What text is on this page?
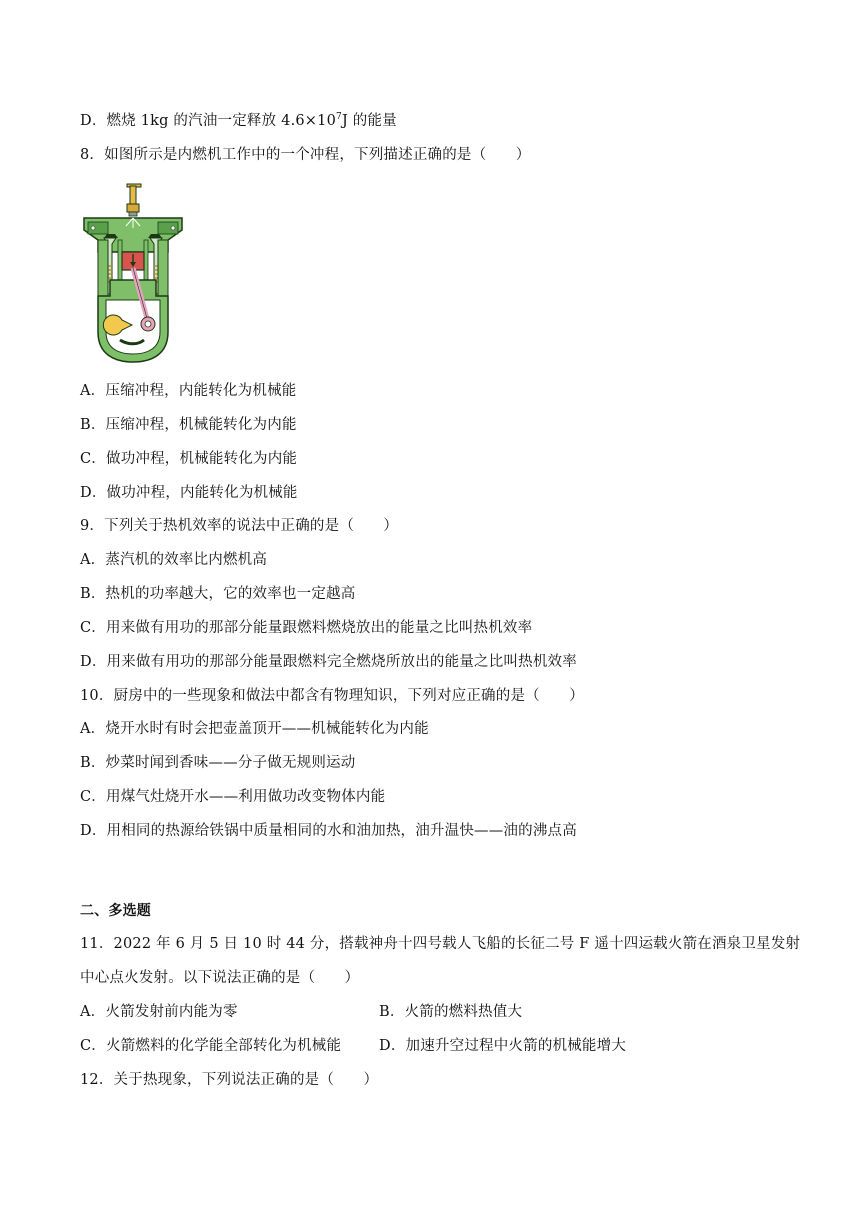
D．燃烧 1kg 的汽油一定释放 $4.6\times 10^7J$ 的能量
8．如图所示是内燃机工作中的一个冲程，下列描述正确的是（　　）
A．压缩冲程，内能转化为机械能
B．压缩冲程，机械能转化为内能
C．做功冲程，机械能转化为内能
D．做功冲程，内能转化为机械能
9．下列关于热机效率的说法中正确的是（　　）
A．蒸汽机的效率比内燃机高
B．热机的功率越大，它的效率也一定越高
C．用来做有用功的那部分能量跟燃料燃烧放出的能量之比叫热机效率
D．用来做有用功的那部分能量跟燃料完全燃烧所放出的能量之比叫热机效率
10．厨房中的一些现象和做法中都含有物理知识，下列对应正确的是（　　）
A．烧开水时有时会把壶盖顶开——机械能转化为内能
B．炒菜时闻到香味——分子做无规则运动
C．用煤气灶烧开水——利用做功改变物体内能
D．用相同的热源给铁锅中质量相同的水和油加热，油升温快——油的沸点高
二、多选题
11．2022 年 6 月 5 日 10 时 44 分，搭载神舟十四号载人飞船的长征二号 F 遥十四运载火箭在酒泉卫星发射
中心点火发射。以下说法正确的是（　　）
A．火箭发射前内能为零	B．火箭的燃料热值大
C．火箭燃料的化学能全部转化为机械能	D．加速升空过程中火箭的机械能增大
12．关于热现象，下列说法正确的是（　　）
